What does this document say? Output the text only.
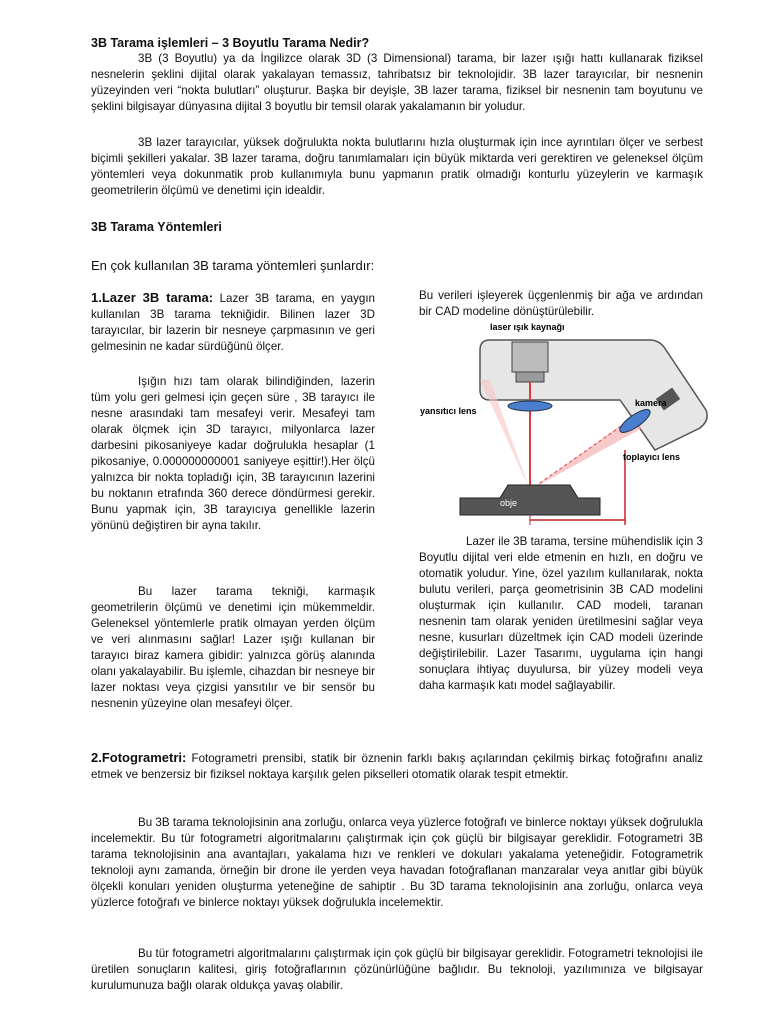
3B Tarama işlemleri – 3 Boyutlu Tarama Nedir?
3B (3 Boyutlu) ya da İngilizce olarak 3D (3 Dimensional) tarama, bir lazer ışığı hattı kullanarak fiziksel nesnelerin şeklini dijital olarak yakalayan temassız, tahribatsız bir teknolojidir. 3B lazer tarayıcılar, bir nesnenin yüzeyinden veri “nokta bulutları” oluşturur. Başka bir deyişle, 3B lazer tarama, fiziksel bir nesnenin tam boyutunu ve şeklini bilgisayar dünyasına dijital 3 boyutlu bir temsil olarak yakalamanın bir yoludur.
3B lazer tarayıcılar, yüksek doğrulukta nokta bulutlarını hızla oluşturmak için ince ayrıntıları ölçer ve serbest biçimli şekilleri yakalar. 3B lazer tarama, doğru tanımlamaları için büyük miktarda veri gerektiren ve geleneksel ölçüm yöntemleri veya dokunmatik prob kullanımıyla bunu yapmanın pratik olmadığı konturlu yüzeylerin ve karmaşık geometrilerin ölçümü ve denetimi için idealdir.
3B Tarama Yöntemleri
En çok kullanılan 3B tarama yöntemleri şunlardır:
1.Lazer 3B tarama: Lazer 3B tarama, en yaygın kullanılan 3B tarama tekniğidir. Bilinen lazer 3D tarayıcılar, bir lazerin bir nesneye çarpmasının ve geri gelmesinin ne kadar sürdüğünü ölçer.
Işığın hızı tam olarak bilindiğinden, lazerin tüm yolu geri gelmesi için geçen süre , 3B tarayıcı ile nesne arasındaki tam mesafeyi verir. Mesafeyi tam olarak ölçmek için 3D tarayıcı, milyonlarca lazer darbesini pikosaniyeye kadar doğrulukla hesaplar (1 pikosaniye, 0.000000000001 saniyeye eşittir!).Her ölçü yalnızca bir nokta topladığı için, 3B tarayıcının lazerini bu noktanın etrafında 360 derece döndürmesi gerekir. Bunu yapmak için, 3B tarayıcıya genellikle lazerin yönünü değiştiren bir ayna takılır.
Bu lazer tarama tekniği, karmaşık geometrilerin ölçümü ve denetimi için mükemmeldir. Geleneksel yöntemlerle pratik olmayan yerden ölçüm ve veri alınmasını sağlar! Lazer ışığı kullanan bir tarayıcı biraz kamera gibidir: yalnızca görüş alanında olanı yakalayabilir. Bu işlemle, cihazdan bir nesneye bir lazer noktası veya çizgisi yansıtılır ve bir sensör bu nesnenin yüzeyine olan mesafeyi ölçer.
Bu verileri işleyerek üçgenlenmiş bir ağa ve ardından bir CAD modeline dönüştürülebilir.
laser ışık kaynağı
yansıtıcı lens
kamera
toplayıcı lens
obje
Lazer ile 3B tarama, tersine mühendislik için 3 Boyutlu dijital veri elde etmenin en hızlı, en doğru ve otomatik yoludur. Yine, özel yazılım kullanılarak, nokta bulutu verileri, parça geometrisinin 3B CAD modelini oluşturmak için kullanılır. CAD modeli, taranan nesnenin tam olarak yeniden üretilmesini sağlar veya nesne, kusurları düzeltmek için CAD modeli üzerinde değiştirilebilir. Lazer Tasarımı, uygulama için hangi sonuçlara ihtiyaç duyulursa, bir yüzey modeli veya daha karmaşık katı model sağlayabilir.
2.Fotogrametri: Fotogrametri prensibi, statik bir öznenin farklı bakış açılarından çekilmiş birkaç fotoğrafını analiz etmek ve benzersiz bir fiziksel noktaya karşılık gelen pikselleri otomatik olarak tespit etmektir.
Bu 3B tarama teknolojisinin ana zorluğu, onlarca veya yüzlerce fotoğrafı ve binlerce noktayı yüksek doğrulukla incelemektir. Bu tür fotogrametri algoritmalarını çalıştırmak için çok güçlü bir bilgisayar gereklidir. Fotogrametri 3B tarama teknolojisinin ana avantajları, yakalama hızı ve renkleri ve dokuları yakalama yeteneğidir. Fotogrametrik teknoloji aynı zamanda, örneğin bir drone ile yerden veya havadan fotoğraflanan manzaralar veya anıtlar gibi büyük ölçekli konuları yeniden oluşturma yeteneğine de sahiptir . Bu 3D tarama teknolojisinin ana zorluğu, onlarca veya yüzlerce fotoğrafı ve binlerce noktayı yüksek doğrulukla incelemektir.
Bu tür fotogrametri algoritmalarını çalıştırmak için çok güçlü bir bilgisayar gereklidir. Fotogrametri teknolojisi ile üretilen sonuçların kalitesi, giriş fotoğraflarının çözünürlüğüne bağlıdır. Bu teknoloji, yazılımınıza ve bilgisayar kurulumunuza bağlı olarak oldukça yavaş olabilir.
